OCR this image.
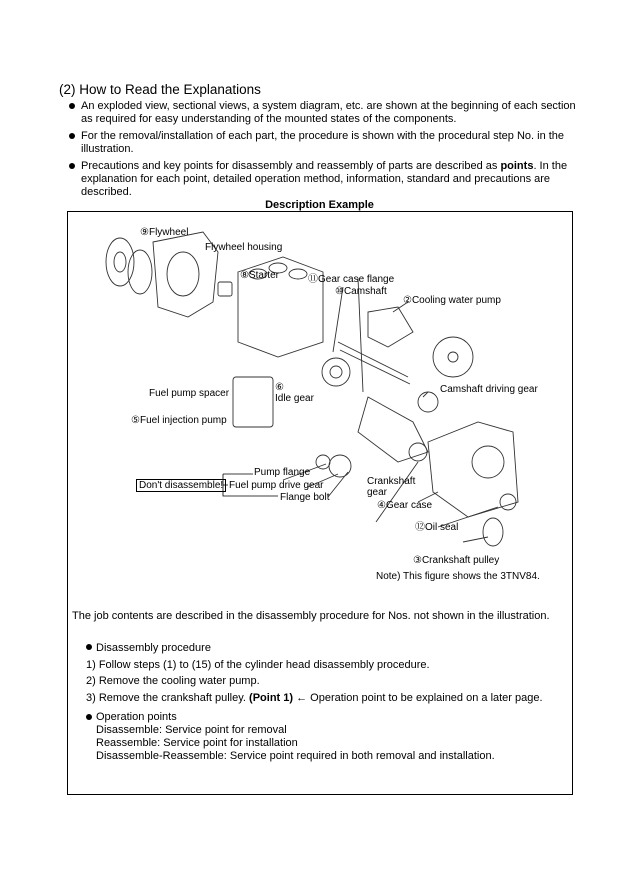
(2) How to Read the Explanations
An exploded view, sectional views, a system diagram, etc. are shown at the beginning of each section as required for easy understanding of the mounted states of the components.
For the removal/installation of each part, the procedure is shown with the procedural step No. in the illustration.
Precautions and key points for disassembly and reassembly of parts are described as points. In the explanation for each point, detailed operation method, information, standard and precautions are described.
Description Example
⑨Flywheel
Flywheel housing
⑧Starter	⑪Gear case flange
⑩Camshaft
②Cooling water pump
Fuel pump spacer
⑥
Idle gear
Camshaft driving gear
⑤Fuel injection pump
Pump flange
Fuel pump drive gear
Flange bolt
Crankshaft
gear
④Gear case
⑫Oil seal
③Crankshaft pulley
Don't disassemble!
Note) This figure shows the 3TNV84.
The job contents are described in the disassembly procedure for Nos. not shown in the illustration.
Disassembly procedure
1) Follow steps (1) to (15) of the cylinder head disassembly procedure.
2) Remove the cooling water pump.
3) Remove the crankshaft pulley. (Point 1) ← Operation point to be explained on a later page.
Operation points
Disassemble: Service point for removal
Reassemble: Service point for installation
Disassemble-Reassemble: Service point required in both removal and installation.
